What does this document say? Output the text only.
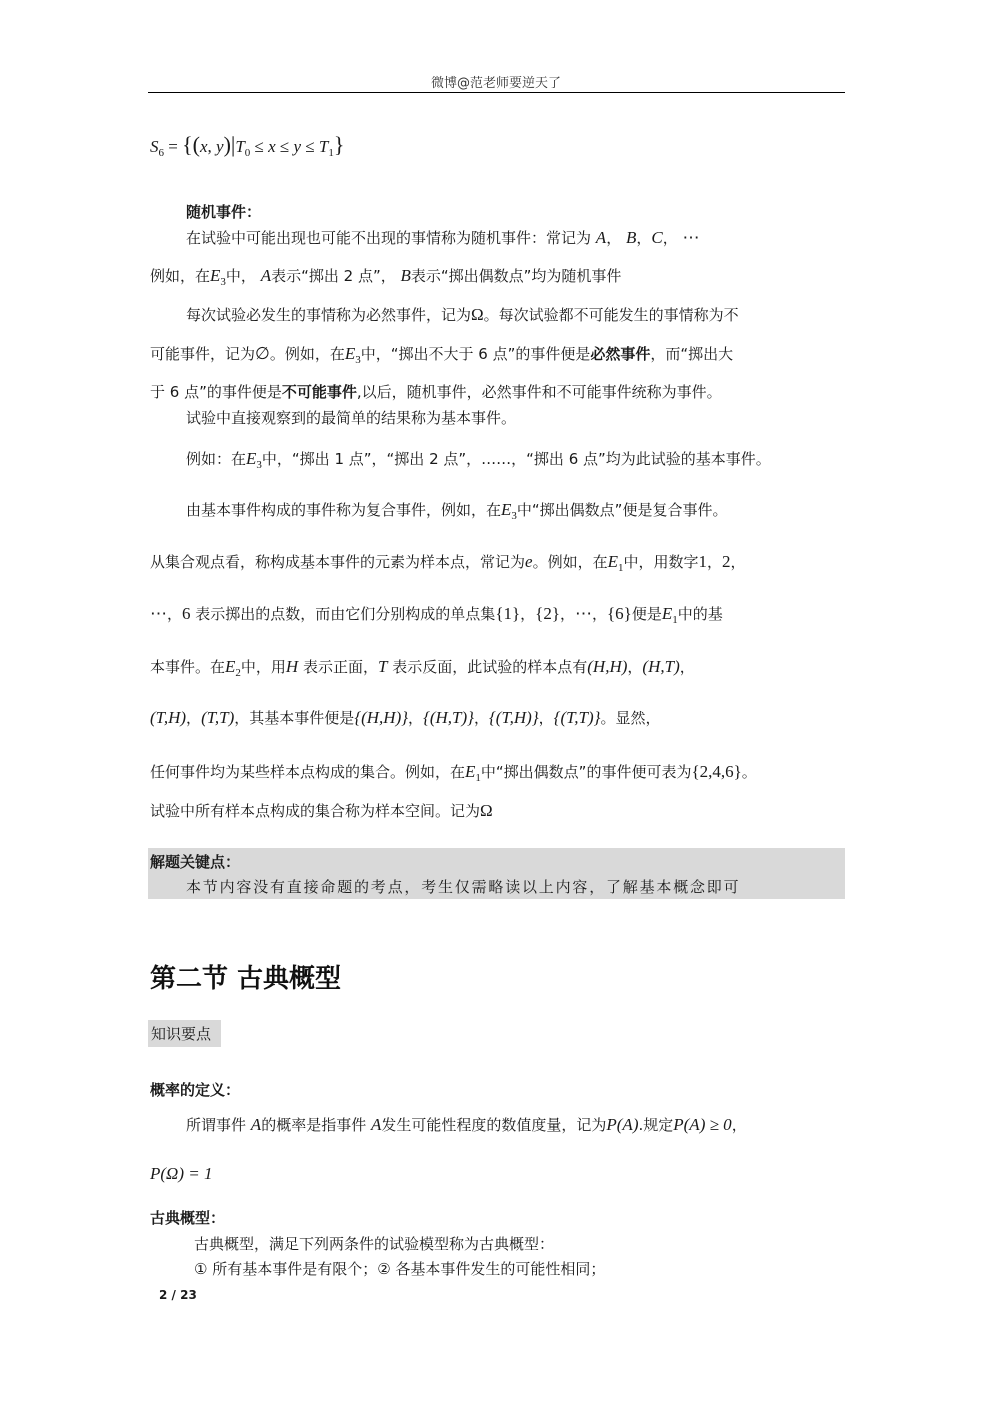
微博@范老师要逆天了
$S_6 = \{(x$, $y)|T_0 \le x \le y \le T_1$}
随机事件：
在试验中可能出现也可能不出现的事情称为随机事件：常记为 A， B，C， ⋯
例如，在$E_3$中， A表示“掷出 2 点”， B表示“掷出偶数点”均为随机事件
每次试验必发生的事情称为必然事件，记为Ω。每次试验都不可能发生的事情称为不
可能事件，记为∅。例如，在$E_3$中，“掷出不大于 6 点”的事件便是必然事件，而“掷出大
于 6 点”的事件便是不可能事件,以后，随机事件，必然事件和不可能事件统称为事件。
试验中直接观察到的最简单的结果称为基本事件。
例如：在$E_3$中，“掷出 1 点”，“掷出 2 点”，……，“掷出 6 点”均为此试验的基本事件。
由基本事件构成的事件称为复合事件，例如，在$E_3$中“掷出偶数点”便是复合事件。
从集合观点看，称构成基本事件的元素为样本点，常记为e。例如，在$E_1$中，用数字1，2，
⋯，6 表示掷出的点数，而由它们分别构成的单点集{1}，{2}，⋯，{6}便是$E_1$中的基
本事件。在$E_2$中，用H 表示正面，T 表示反面，此试验的样本点有(H,H)，(H,T)，
(T,H)，(T,T)，其基本事件便是{(H,H)}，{(H,T)}，{(T,H)}，{(T,T)}。显然，
任何事件均为某些样本点构成的集合。例如，在$E_1$中“掷出偶数点”的事件便可表为{2,4,6}。
试验中所有样本点构成的集合称为样本空间。记为Ω
解题关键点：
本节内容没有直接命题的考点，考生仅需略读以上内容，了解基本概念即可
第二节 古典概型
知识要点
概率的定义：
所谓事件 A的概率是指事件 A发生可能性程度的数值度量，记为P(A).规定P(A) ≥ 0，
P(Ω) = 1
古典概型：
古典概型，满足下列两条件的试验模型称为古典概型：
① 所有基本事件是有限个；② 各基本事件发生的可能性相同；
2 / 23
